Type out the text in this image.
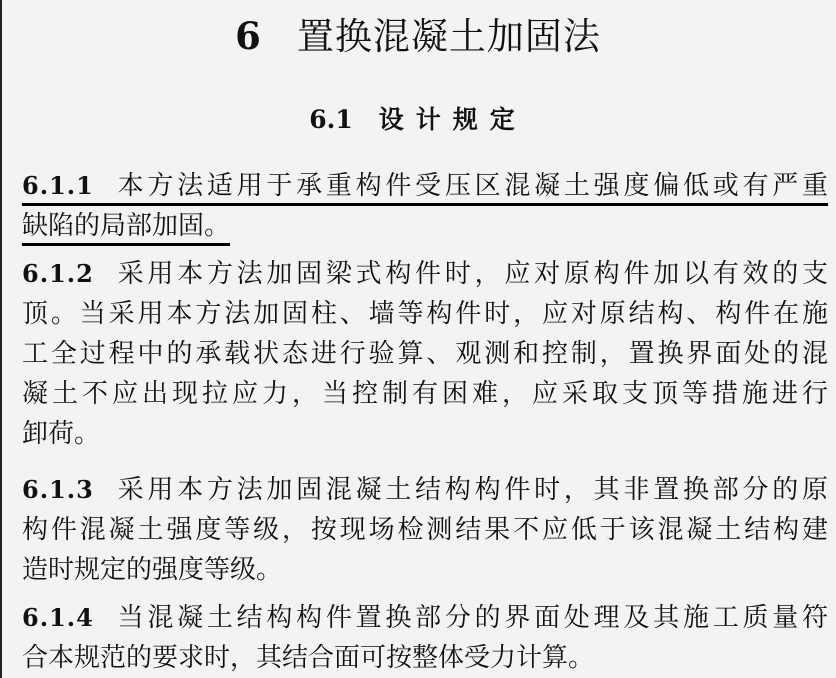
6 置换混凝土加固法
6.1 设计规定
6.1.1 本方法适用于承重构件受压区混凝土强度偏低或有严重
缺陷的局部加固。
6.1.2 采用本方法加固梁式构件时，应对原构件加以有效的支
顶。当采用本方法加固柱、墙等构件时，应对原结构、构件在施
工全过程中的承载状态进行验算、观测和控制，置换界面处的混
凝土不应出现拉应力，当控制有困难，应采取支顶等措施进行
卸荷。
6.1.3 采用本方法加固混凝土结构构件时，其非置换部分的原
构件混凝土强度等级，按现场检测结果不应低于该混凝土结构建
造时规定的强度等级。
6.1.4 当混凝土结构构件置换部分的界面处理及其施工质量符
合本规范的要求时，其结合面可按整体受力计算。
